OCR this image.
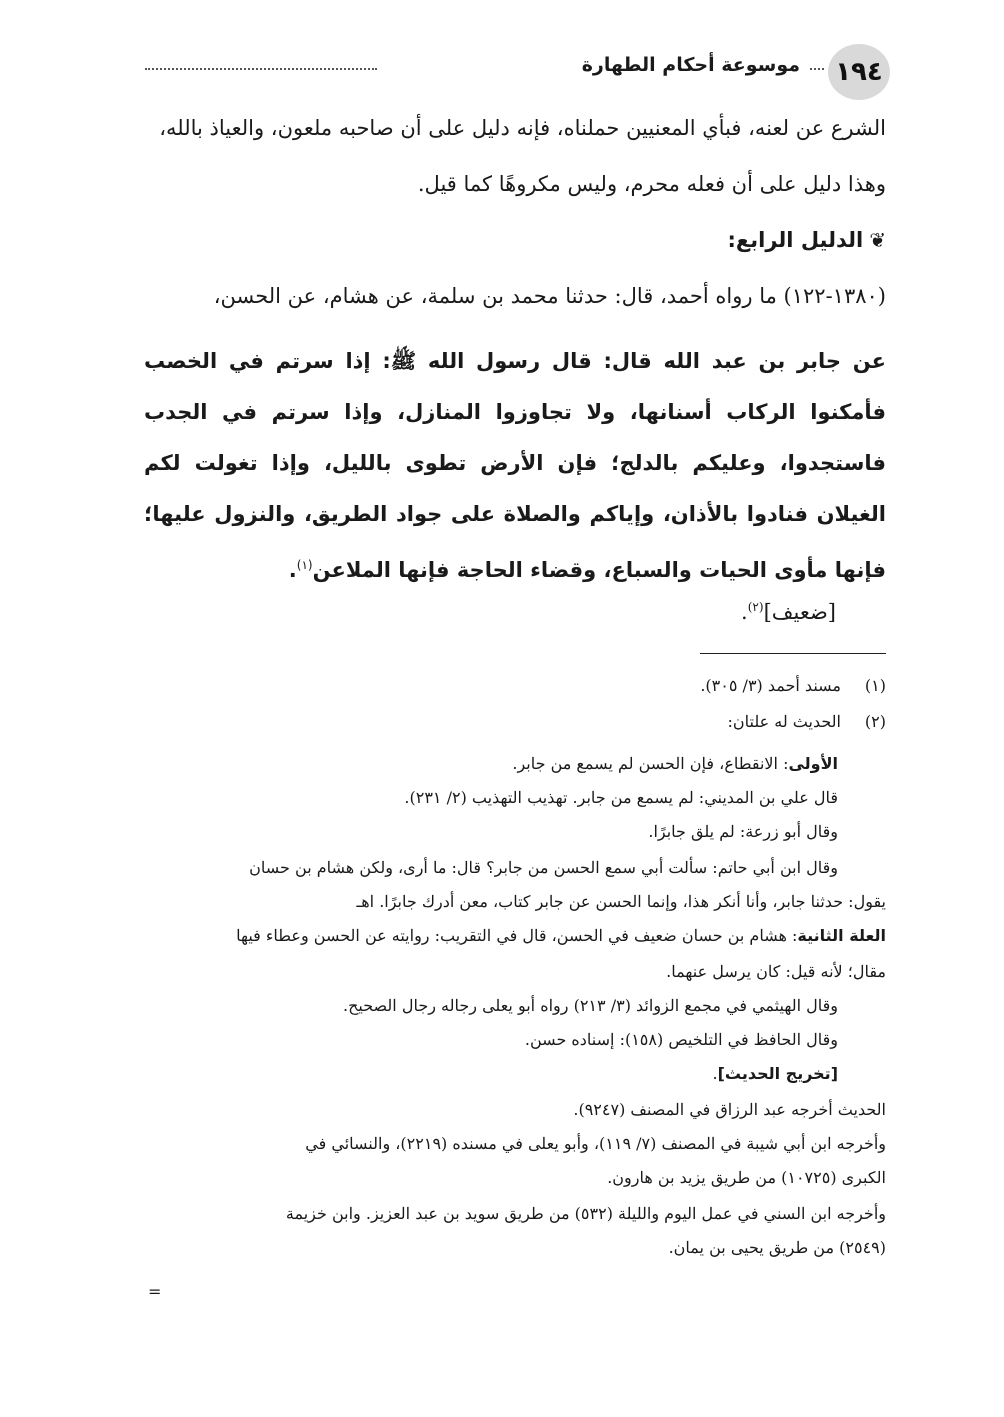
١٩٤
موسوعة أحكام الطهارة
الشرع عن لعنه، فبأي المعنيين حملناه، فإنه دليل على أن صاحبه ملعون، والعياذ بالله،
وهذا دليل على أن فعله محرم، وليس مكروهًا كما قيل.
❦الدليل الرابع:
(١٣٨٠-١٢٢) ما رواه أحمد، قال: حدثنا محمد بن سلمة، عن هشام، عن الحسن،
عن جابر بن عبد الله قال: قال رسول الله ﷺ: إذا سرتم في الخصب فأمكنوا الركاب أسنانها، ولا تجاوزوا المنازل، وإذا سرتم في الجدب فاستجدوا، وعليكم بالدلج؛ فإن الأرض تطوى بالليل، وإذا تغولت لكم الغيلان فنادوا بالأذان، وإياكم والصلاة على جواد الطريق، والنزول عليها؛ فإنها مأوى الحيات والسباع، وقضاء الحاجة فإنها الملاعن$^{(١)}$.
[ضعيف]$^{(٢)}$.
(١)مسند أحمد (٣/ ٣٠٥).
(٢)الحديث له علتان:
الأولى: الانقطاع، فإن الحسن لم يسمع من جابر.
قال علي بن المديني: لم يسمع من جابر. تهذيب التهذيب (٢/ ٢٣١).
وقال أبو زرعة: لم يلق جابرًا.
وقال ابن أبي حاتم: سألت أبي سمع الحسن من جابر؟ قال: ما أرى، ولكن هشام بن حسان
يقول: حدثنا جابر، وأنا أنكر هذا، وإنما الحسن عن جابر كتاب، معن أدرك جابرًا. اهـ
العلة الثانية: هشام بن حسان ضعيف في الحسن، قال في التقريب: روايته عن الحسن وعطاء فيها
مقال؛ لأنه قيل: كان يرسل عنهما.
وقال الهيثمي في مجمع الزوائد (٣/ ٢١٣) رواه أبو يعلى رجاله رجال الصحيح.
وقال الحافظ في التلخيص (١٥٨): إسناده حسن.
[تخريج الحديث].
الحديث أخرجه عبد الرزاق في المصنف (٩٢٤٧).
وأخرجه ابن أبي شيبة في المصنف (٧/ ١١٩)، وأبو يعلى في مسنده (٢٢١٩)، والنسائي في
الكبرى (١٠٧٢٥) من طريق يزيد بن هارون.
وأخرجه ابن السني في عمل اليوم والليلة (٥٣٢) من طريق سويد بن عبد العزيز. وابن خزيمة
(٢٥٤٩) من طريق يحيى بن يمان.
=
